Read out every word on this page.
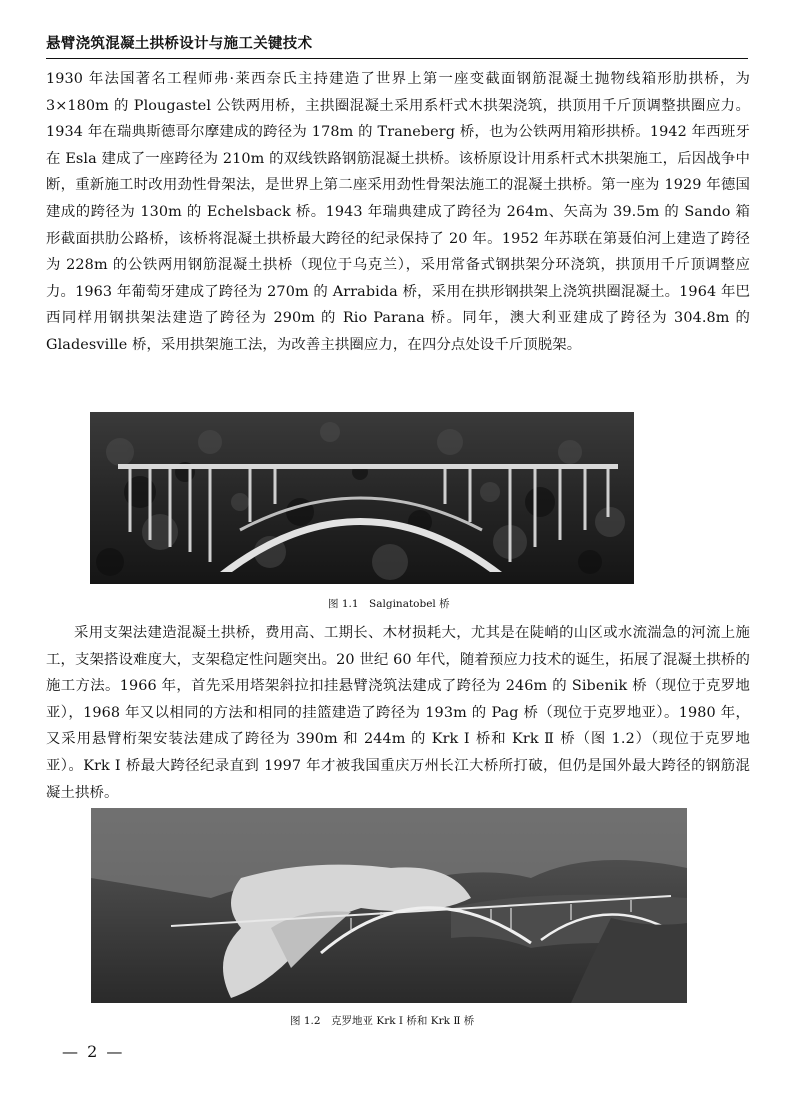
悬臂浇筑混凝土拱桥设计与施工关键技术

1930 年法国著名工程师弗·莱西奈氏主持建造了世界上第一座变截面钢筋混凝土抛物线箱形肋拱桥，为 3×180m 的 Plougastel 公铁两用桥，主拱圈混凝土采用系杆式木拱架浇筑，拱顶用千斤顶调整拱圈应力。1934 年在瑞典斯德哥尔摩建成的跨径为 178m 的 Traneberg 桥，也为公铁两用箱形拱桥。1942 年西班牙在 Esla 建成了一座跨径为 210m 的双线铁路钢筋混凝土拱桥。该桥原设计用系杆式木拱架施工，后因战争中断，重新施工时改用劲性骨架法，是世界上第二座采用劲性骨架法施工的混凝土拱桥。第一座为 1929 年德国建成的跨径为 130m 的 Echelsback 桥。1943 年瑞典建成了跨径为 264m、矢高为 39.5m 的 Sando 箱形截面拱肋公路桥，该桥将混凝土拱桥最大跨径的纪录保持了 20 年。1952 年苏联在第聂伯河上建造了跨径为 228m 的公铁两用钢筋混凝土拱桥（现位于乌克兰），采用常备式钢拱架分环浇筑，拱顶用千斤顶调整应力。1963 年葡萄牙建成了跨径为 270m 的 Arrabida 桥，采用在拱形钢拱架上浇筑拱圈混凝土。1964 年巴西同样用钢拱架法建造了跨径为 290m 的 Rio Parana 桥。同年，澳大利亚建成了跨径为 304.8m 的 Gladesville 桥，采用拱架施工法，为改善主拱圈应力，在四分点处设千斤顶脱架。

图 1.1　Salginatobel 桥

采用支架法建造混凝土拱桥，费用高、工期长、木材损耗大，尤其是在陡峭的山区或水流湍急的河流上施工，支架搭设难度大，支架稳定性问题突出。20 世纪 60 年代，随着预应力技术的诞生，拓展了混凝土拱桥的施工方法。1966 年，首先采用塔架斜拉扣挂悬臂浇筑法建成了跨径为 246m 的 Sibenik 桥（现位于克罗地亚），1968 年又以相同的方法和相同的挂篮建造了跨径为 193m 的 Pag 桥（现位于克罗地亚）。1980 年，又采用悬臂桁架安装法建成了跨径为 390m 和 244m 的 Krk Ⅰ 桥和 Krk Ⅱ 桥（图 1.2）（现位于克罗地亚）。Krk Ⅰ 桥最大跨径纪录直到 1997 年才被我国重庆万州长江大桥所打破，但仍是国外最大跨径的钢筋混凝土拱桥。

图 1.2　克罗地亚 Krk Ⅰ 桥和 Krk Ⅱ 桥
— 2 —
